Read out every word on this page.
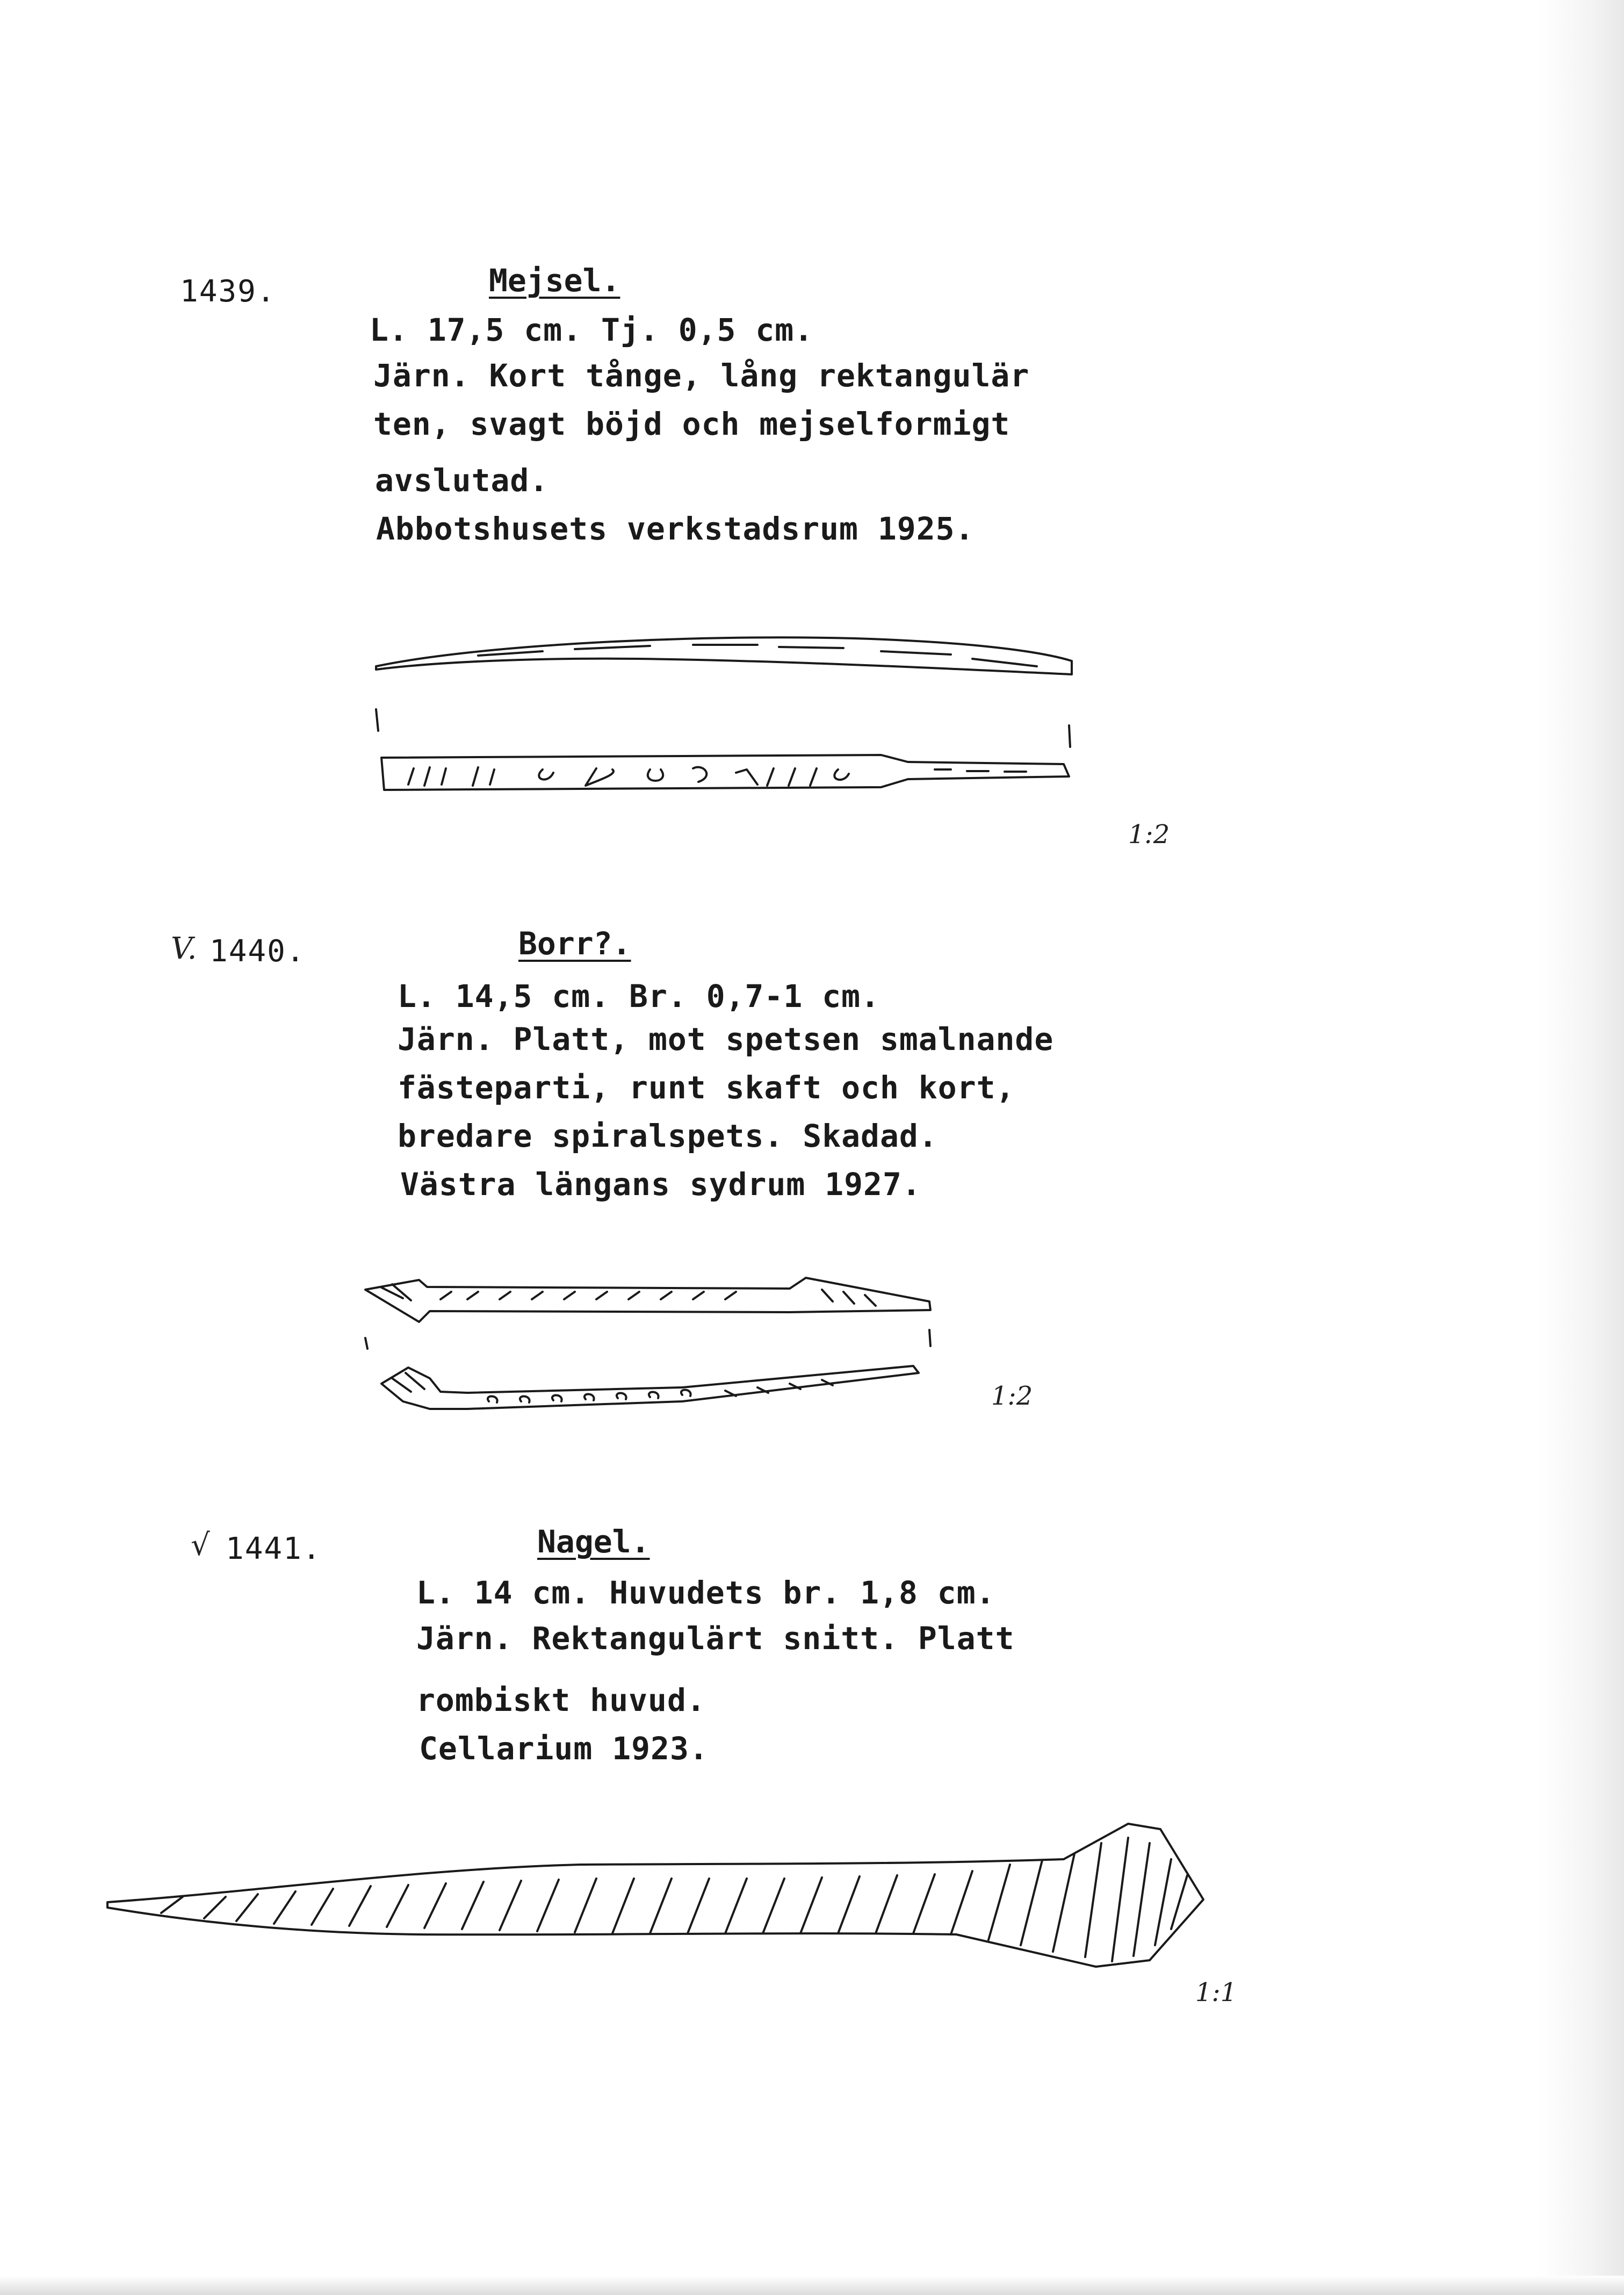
1439.	Mejsel.
L. 17,5 cm. Tj. 0,5 cm.
Järn. Kort tånge, lång rektangulär
ten, svagt böjd och mejselformigt
avslutad.
Abbotshusets verkstadsrum 1925.
1:2
V. 1440.	Borr?.
L. 14,5 cm. Br. 0,7-1 cm.
Järn. Platt, mot spetsen smalnande
fästeparti, runt skaft och kort,
bredare spiralspets. Skadad.
Västra längans sydrum 1927.
1:2
√ 1441.	Nagel.
L. 14 cm. Huvudets br. 1,8 cm.
Järn. Rektangulärt snitt. Platt
rombiskt huvud.
Cellarium 1923.
1:1
